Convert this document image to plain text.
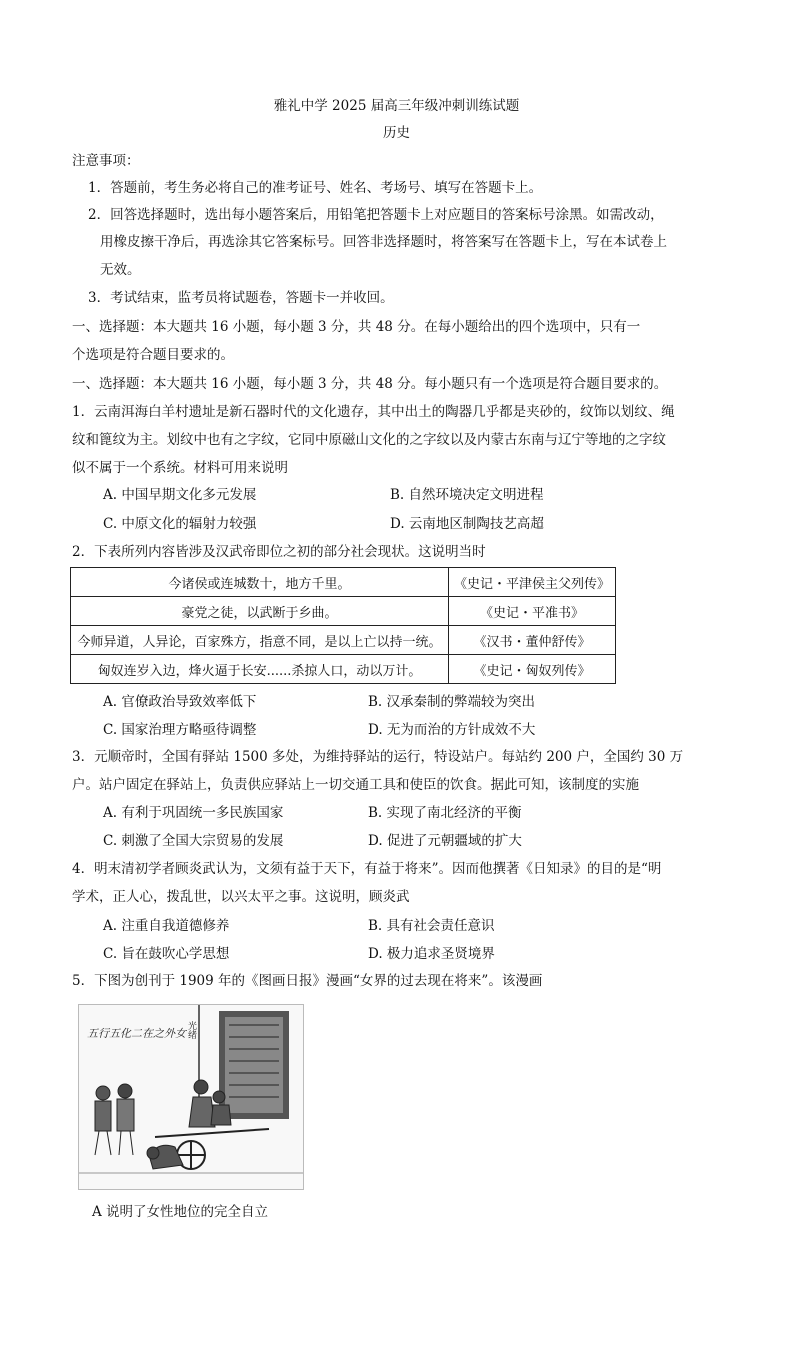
雅礼中学 2025 届高三年级冲刺训练试题
历史
注意事项：
1．答题前，考生务必将自己的准考证号、姓名、考场号、填写在答题卡上。
2．回答选择题时，选出每小题答案后，用铅笔把答题卡上对应题目的答案标号涂黑。如需改动，
用橡皮擦干净后，再选涂其它答案标号。回答非选择题时，将答案写在答题卡上，写在本试卷上
无效。
3．考试结束，监考员将试题卷，答题卡一并收回。
一、选择题：本大题共 16 小题，每小题 3 分，共 48 分。在每小题给出的四个选项中，只有一
个选项是符合题目要求的。
一、选择题：本大题共 16 小题，每小题 3 分，共 48 分。每小题只有一个选项是符合题目要求的。
1．云南洱海白羊村遗址是新石器时代的文化遗存，其中出土的陶器几乎都是夹砂的，纹饰以划纹、绳
纹和篦纹为主。划纹中也有之字纹，它同中原磁山文化的之字纹以及内蒙古东南与辽宁等地的之字纹
似不属于一个系统。材料可用来说明
A. 中国早期文化多元发展	B. 自然环境决定文明进程
C. 中原文化的辐射力较强	D. 云南地区制陶技艺高超
2．下表所列内容皆涉及汉武帝即位之初的部分社会现状。这说明当时
今诸侯或连城数十，地方千里。	《史记・平津侯主父列传》
豪党之徒，以武断于乡曲。	《史记・平准书》
今师异道，人异论，百家殊方，指意不同，是以上亡以持一统。	《汉书・董仲舒传》
匈奴连岁入边，烽火逼于长安......杀掠人口，动以万计。	《史记・匈奴列传》
A. 官僚政治导致效率低下	B. 汉承秦制的弊端较为突出
C. 国家治理方略亟待调整	D. 无为而治的方针成效不大
3．元顺帝时，全国有驿站 1500 多处，为维持驿站的运行，特设站户。每站约 200 户，全国约 30 万
户。站户固定在驿站上，负责供应驿站上一切交通工具和使臣的饮食。据此可知，该制度的实施
A. 有利于巩固统一多民族国家	B. 实现了南北经济的平衡
C. 刺激了全国大宗贸易的发展	D. 促进了元朝疆域的扩大
4．明末清初学者顾炎武认为，文须有益于天下，有益于将来”。因而他撰著《日知录》的目的是“明
学术，正人心，拨乱世，以兴太平之事。这说明，顾炎武
A. 注重自我道德修养	B. 具有社会责任意识
C. 旨在鼓吹心学思想	D. 极力追求圣贤境界
5．下图为创刊于 1909 年的《图画日报》漫画“女界的过去现在将来”。该漫画
五行五化二在之外女 光绪
A 说明了女性地位的完全自立
